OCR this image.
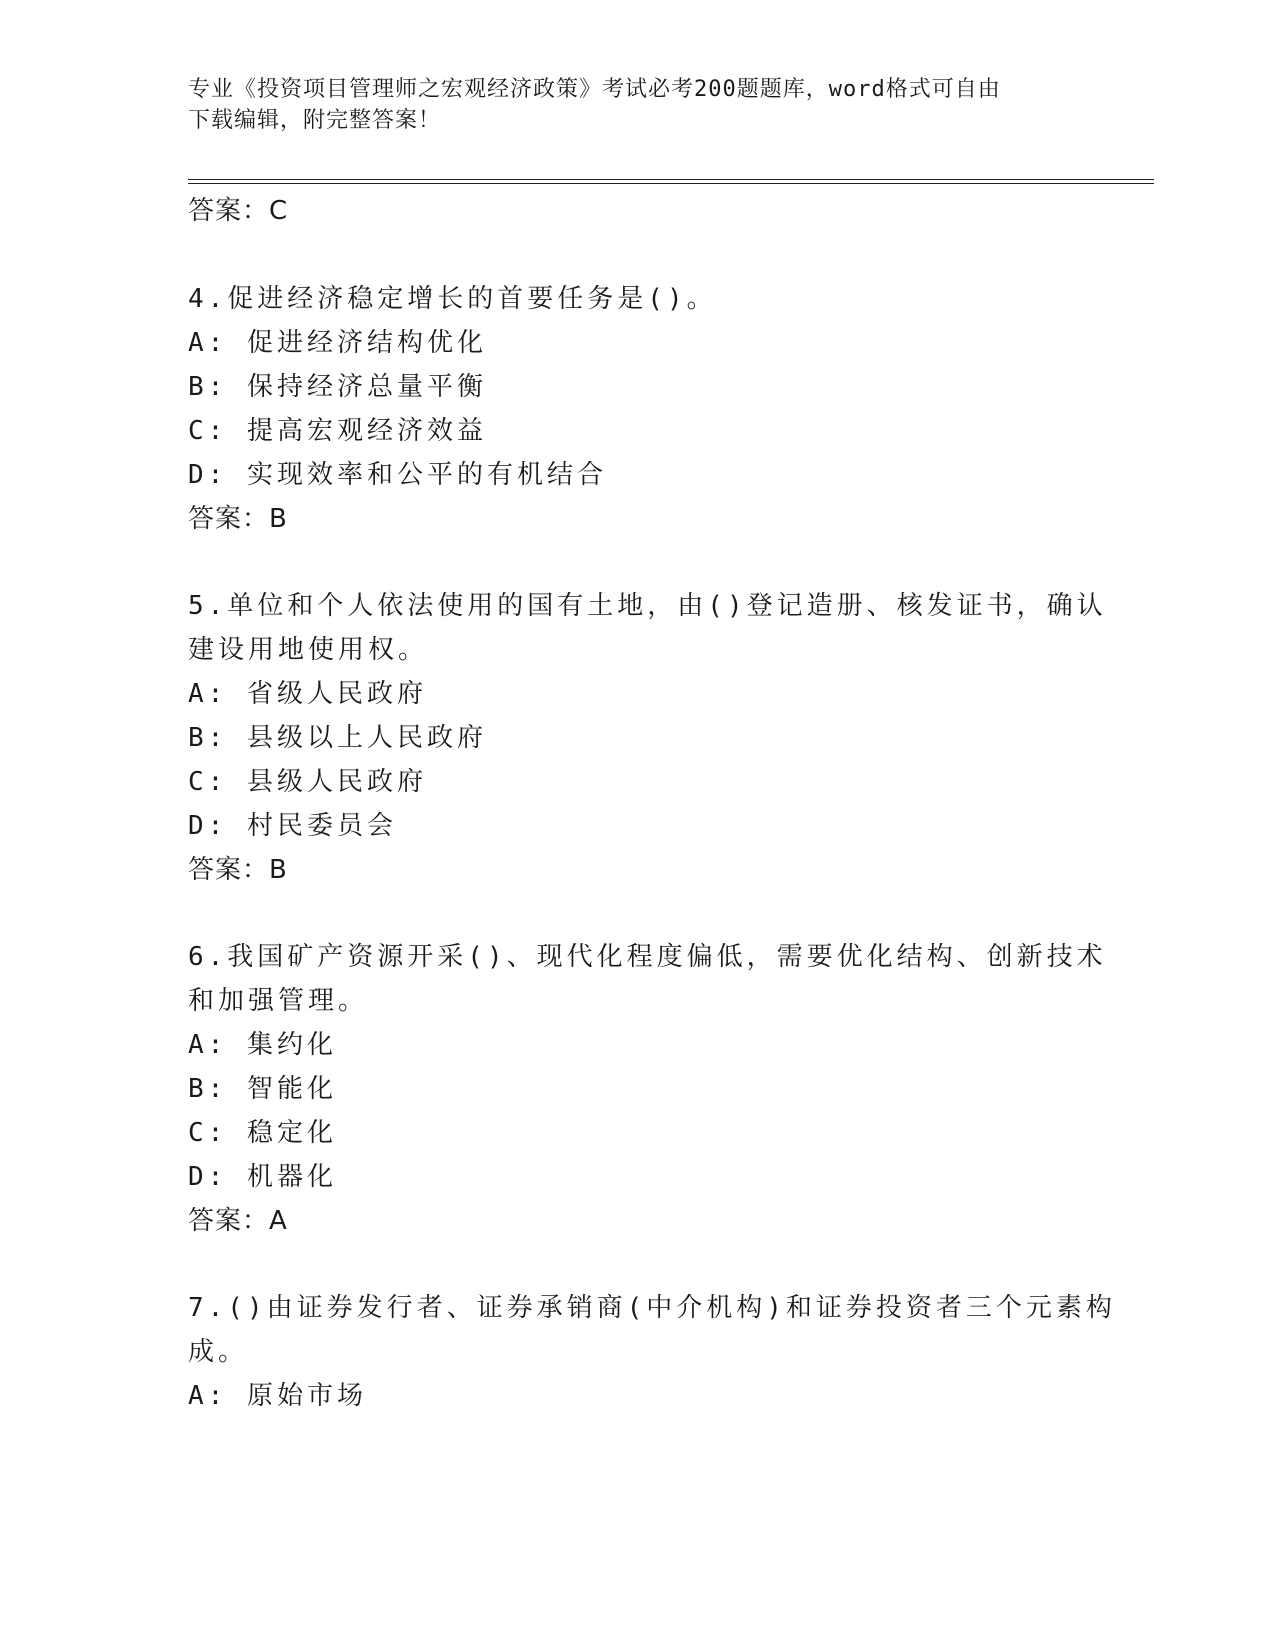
专业《投资项目管理师之宏观经济政策》考试必考200题题库，word格式可自由
下载编辑，附完整答案！
答案：C
4.促进经济稳定增长的首要任务是()。
A: 促进经济结构优化
B: 保持经济总量平衡
C: 提高宏观经济效益
D: 实现效率和公平的有机结合
答案：B
5.单位和个人依法使用的国有土地，由()登记造册、核发证书，确认
建设用地使用权。
A: 省级人民政府
B: 县级以上人民政府
C: 县级人民政府
D: 村民委员会
答案：B
6.我国矿产资源开采()、现代化程度偏低，需要优化结构、创新技术
和加强管理。
A: 集约化
B: 智能化
C: 稳定化
D: 机器化
答案：A
7.()由证券发行者、证券承销商(中介机构)和证券投资者三个元素构
成。
A: 原始市场
